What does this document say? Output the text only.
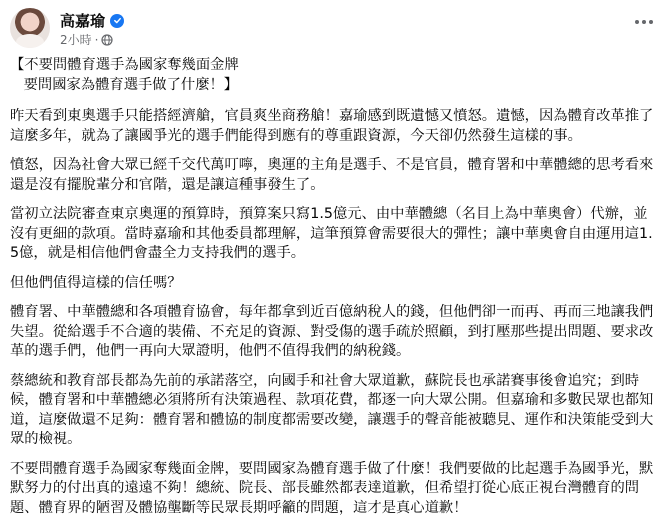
高嘉瑜
2小時 ·

【不要問體育選手為國家奪幾面金牌
要問國家為體育選手做了什麼！】

昨天看到東奧選手只能搭經濟艙，官員爽坐商務艙！嘉瑜感到既遺憾又憤怒。遺憾，因為體育改革推了這麼多年，就為了讓國爭光的選手們能得到應有的尊重跟資源，今天卻仍然發生這樣的事。

憤怒，因為社會大眾已經千交代萬叮嚀，奧運的主角是選手、不是官員，體育署和中華體總的思考看來還是沒有擺脫輩分和官階，還是讓這種事發生了。

當初立法院審查東京奧運的預算時，預算案只寫1.5億元、由中華體總（名目上為中華奧會）代辦，並沒有更細的款項。當時嘉瑜和其他委員都理解，這筆預算會需要很大的彈性；讓中華奧會自由運用這1.5億，就是相信他們會盡全力支持我們的選手。

但他們值得這樣的信任嗎？

體育署、中華體總和各項體育協會，每年都拿到近百億納稅人的錢，但他們卻一而再、再而三地讓我們失望。從給選手不合適的裝備、不充足的資源、對受傷的選手疏於照顧，到打壓那些提出問題、要求改革的選手們，他們一再向大眾證明，他們不值得我們的納稅錢。

蔡總統和教育部長都為先前的承諾落空，向國手和社會大眾道歉，蘇院長也承諾賽事後會追究；到時候，體育署和中華體總必須將所有決策過程、款項花費，都逐一向大眾公開。但嘉瑜和多數民眾也都知道，這麼做還不足夠：體育署和體協的制度都需要改變，讓選手的聲音能被聽見、運作和決策能受到大眾的檢視。

不要問體育選手為國家奪幾面金牌，要問國家為體育選手做了什麼！我們要做的比起選手為國爭光，默默努力的付出真的遠遠不夠！總統、院長、部長雖然都表達道歉，但希望打從心底正視台灣體育的問題、體育界的陋習及體協壟斷等民眾長期呼籲的問題，這才是真心道歉！
